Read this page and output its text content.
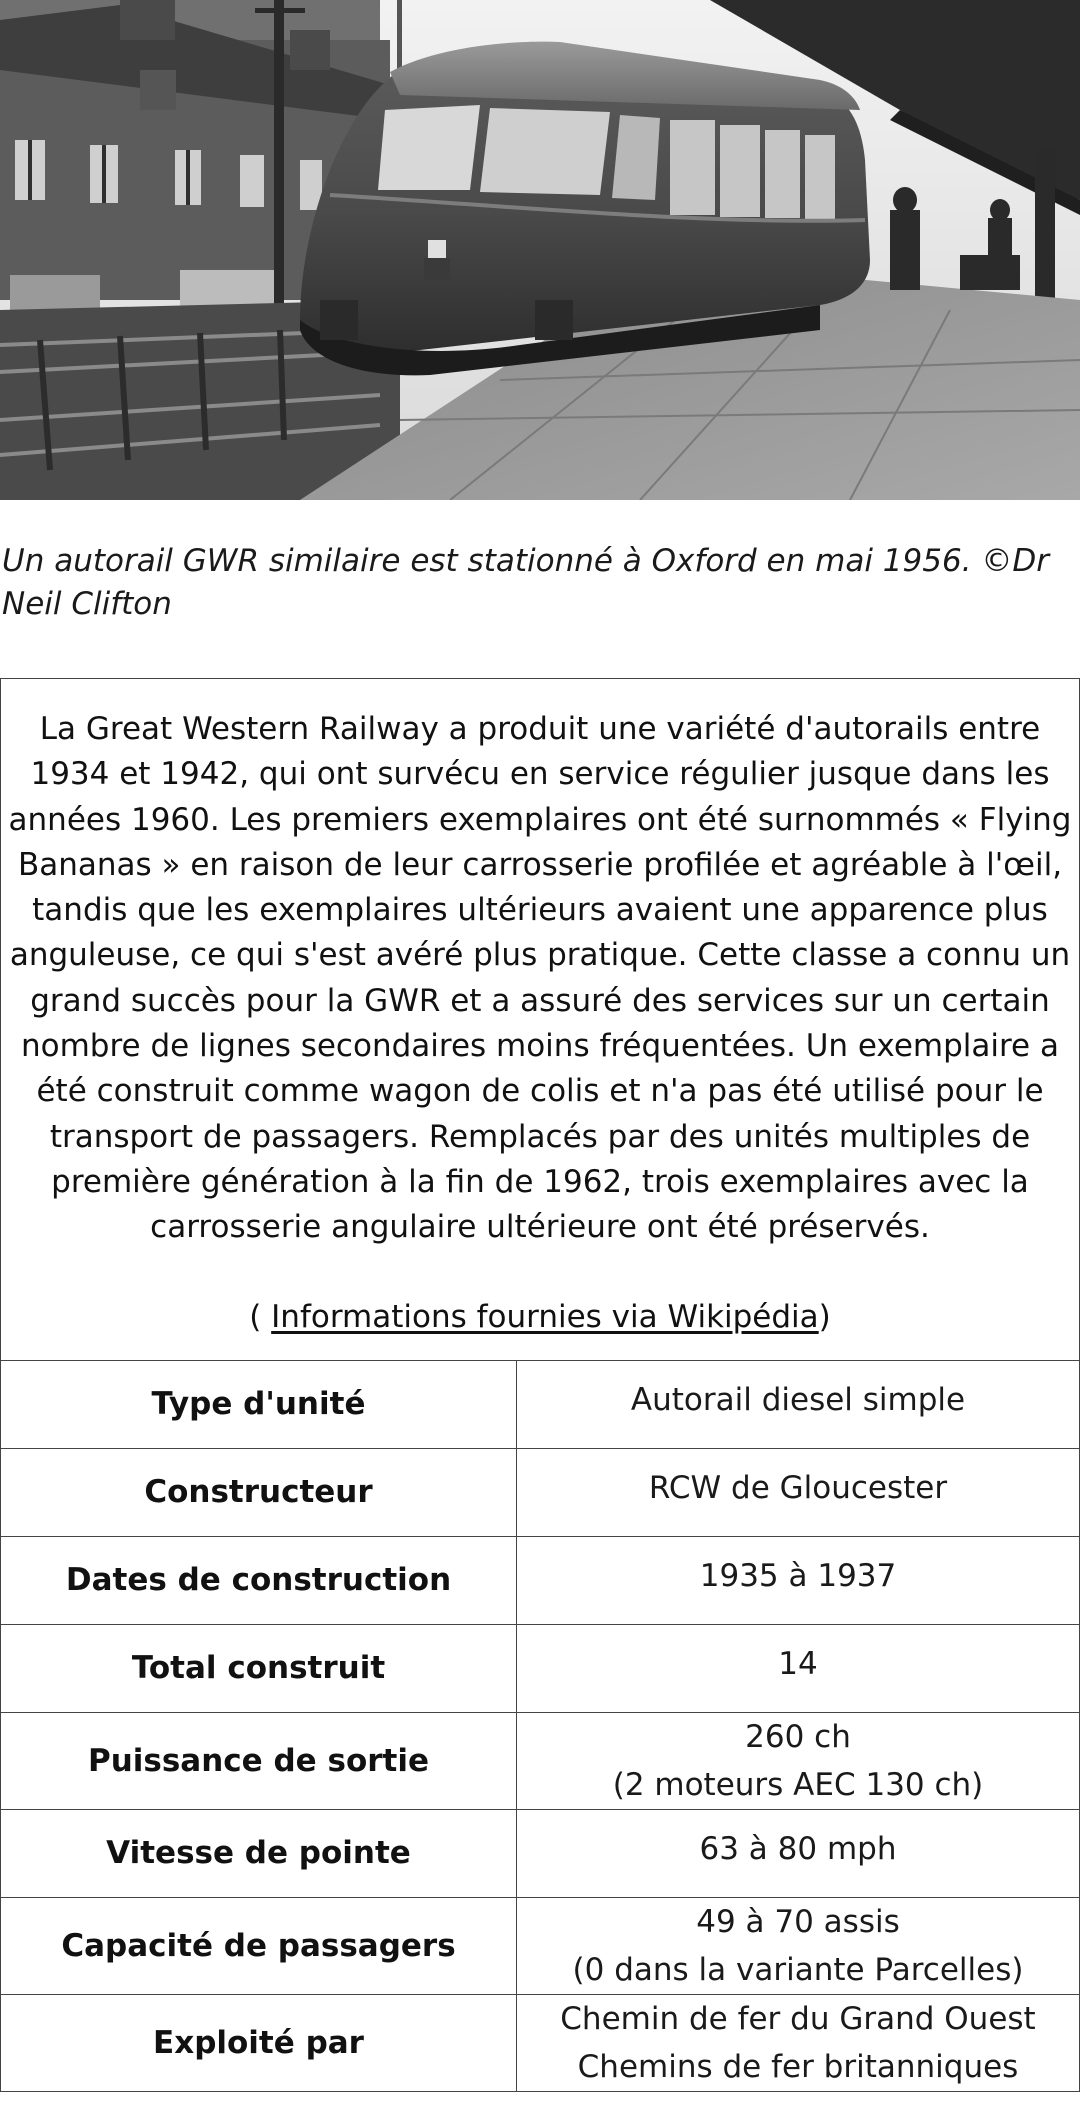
Un autorail GWR similaire est stationné à Oxford en mai 1956. ©Dr Neil Clifton
La Great Western Railway a produit une variété d'autorails entre 1934 et 1942, qui ont survécu en service régulier jusque dans les années 1960. Les premiers exemplaires ont été surnommés « Flying Bananas » en raison de leur carrosserie profilée et agréable à l'œil, tandis que les exemplaires ultérieurs avaient une apparence plus anguleuse, ce qui s'est avéré plus pratique. Cette classe a connu un grand succès pour la GWR et a assuré des services sur un certain nombre de lignes secondaires moins fréquentées. Un exemplaire a été construit comme wagon de colis et n'a pas été utilisé pour le transport de passagers. Remplacés par des unités multiples de première génération à la fin de 1962, trois exemplaires avec la carrosserie angulaire ultérieure ont été préservés.
( Informations fournies via Wikipédia)
Type d'unité	Autorail diesel simple

Constructeur	RCW de Gloucester

Dates de construction	1935 à 1937

Total construit	14

Puissance de sortie	260 ch
(2 moteurs AEC 130 ch)

Vitesse de pointe	63 à 80 mph

Capacité de passagers	49 à 70 assis
(0 dans la variante Parcelles)

Exploité par	Chemin de fer du Grand Ouest
Chemins de fer britanniques
